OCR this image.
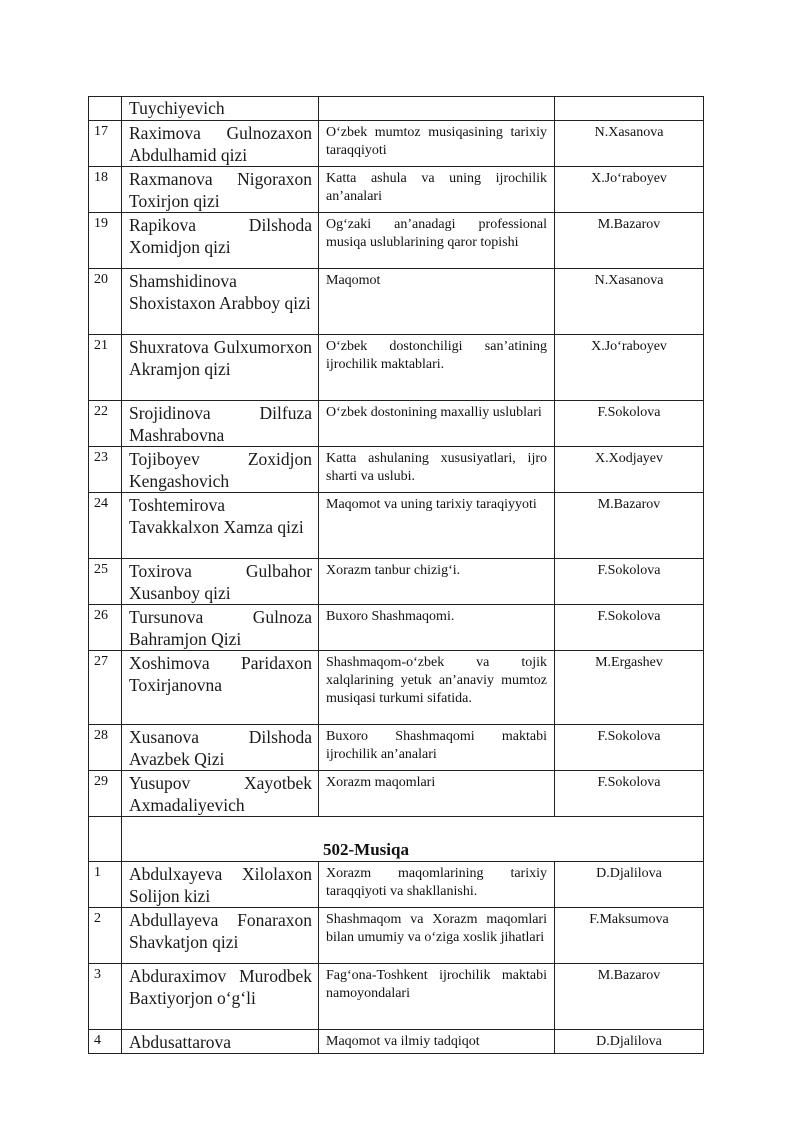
	Tuychiyevich		
17	Raximova Gulnozaxon Abdulhamid qizi	O‘zbek mumtoz musiqasining tarixiy taraqqiyoti	N.Xasanova
18	Raxmanova Nigoraxon Toxirjon qizi	Katta ashula va uning ijrochilik an’analari	X.Jo‘raboyev
19	Rapikova Dilshoda Xomidjon qizi	Og‘zaki an’anadagi professional musiqa uslublarining qaror topishi	M.Bazarov
20	Shamshidinova Shoxistaxon Arabboy qizi	Maqomot	N.Xasanova
21	Shuxratova Gulxumorxon Akramjon qizi	O‘zbek dostonchiligi san’atining ijrochilik maktablari.	X.Jo‘raboyev
22	Srojidinova Dilfuza Mashrabovna	O‘zbek dostonining maxalliy uslublari	F.Sokolova
23	Tojiboyev Zoxidjon Kengashovich	Katta ashulaning xususiyatlari, ijro sharti va uslubi.	X.Xodjayev
24	Toshtemirova Tavakkalxon Xamza qizi	Maqomot va uning tarixiy taraqiyyoti	M.Bazarov
25	Toxirova Gulbahor Xusanboy qizi	Xorazm tanbur chizig‘i.	F.Sokolova
26	Tursunova Gulnoza Bahramjon Qizi	Buxoro Shashmaqomi.	F.Sokolova
27	Xoshimova Paridaxon Toxirjanovna	Shashmaqom-o‘zbek va tojik xalqlarining yetuk an’anaviy mumtoz musiqasi turkumi sifatida.	M.Ergashev
28	Xusanova Dilshoda Avazbek Qizi	Buxoro Shashmaqomi maktabi ijrochilik an’analari	F.Sokolova
29	Yusupov Xayotbek Axmadaliyevich	Xorazm maqomlari	F.Sokolova
	502-Musiqa		
1	Abdulxayeva Xilolaxon Solijon kizi	Xorazm maqomlarining tarixiy taraqqiyoti va shakllanishi.	D.Djalilova
2	Abdullayeva Fonaraxon Shavkatjon qizi	Shashmaqom va Xorazm maqomlari bilan umumiy va o‘ziga xoslik jihatlari	F.Maksumova
3	Abduraximov Murodbek Baxtiyorjon o‘g‘li	Fag‘ona-Toshkent ijrochilik maktabi namoyondalari	M.Bazarov
4	Abdusattarova	Maqomot va ilmiy tadqiqot	D.Djalilova
